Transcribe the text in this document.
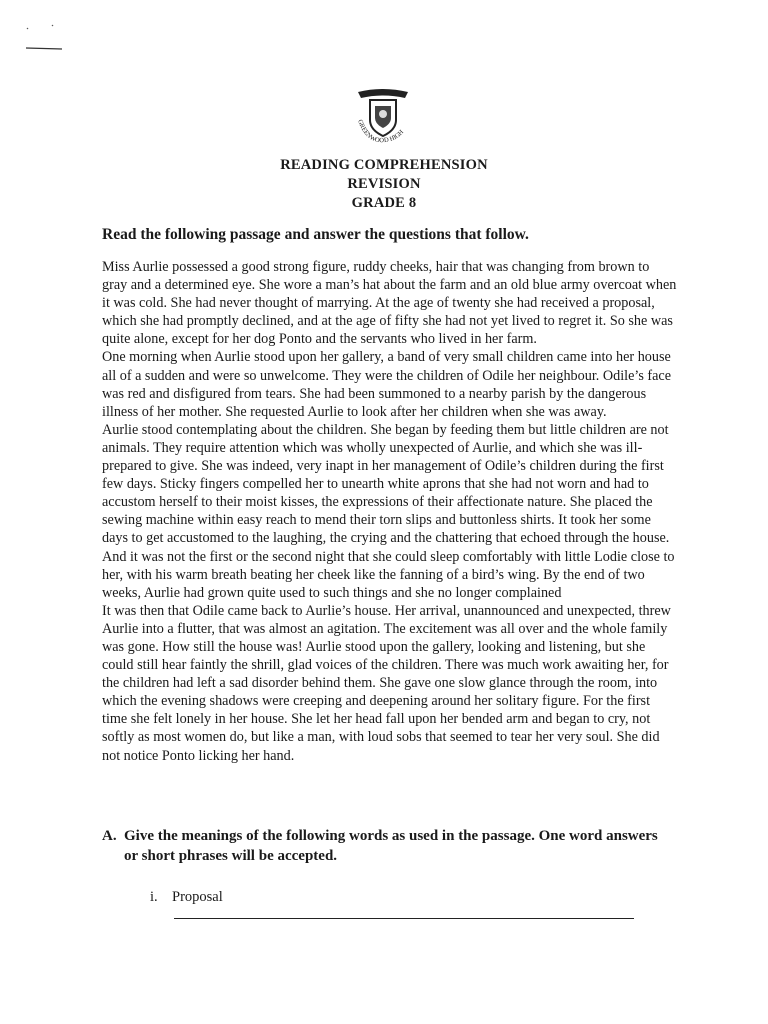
GREENWOOD HIGH
READING COMPREHENSION
REVISION
GRADE 8
Read the following passage and answer the questions that follow.

Miss Aurlie possessed a good strong figure, ruddy cheeks, hair that was changing from brown to gray and a determined eye. She wore a man’s hat about the farm and an old blue army overcoat when it was cold. She had never thought of marrying. At the age of twenty she had received a proposal, which she had promptly declined, and at the age of fifty she had not yet lived to regret it. So she was quite alone, except for her dog Ponto and the servants who lived in her farm.

One morning when Aurlie stood upon her gallery, a band of very small children came into her house all of a sudden and were so unwelcome. They were the children of Odile her neighbour. Odile’s face was red and disfigured from tears. She had been summoned to a nearby parish by the dangerous illness of her mother. She requested Aurlie to look after her children when she was away.

Aurlie stood contemplating about the children. She began by feeding them but little children are not animals. They require attention which was wholly unexpected of Aurlie, and which she was ill-prepared to give. She was indeed, very inapt in her management of Odile’s children during the first few days. Sticky fingers compelled her to unearth white aprons that she had not worn and had to accustom herself to their moist kisses, the expressions of their affectionate nature. She placed the sewing machine within easy reach to mend their torn slips and buttonless shirts. It took her some days to get accustomed to the laughing, the crying and the chattering that echoed through the house. And it was not the first or the second night that she could sleep comfortably with little Lodie close to her, with his warm breath beating her cheek like the fanning of a bird’s wing. By the end of two weeks, Aurlie had grown quite used to such things and she no longer complained

It was then that Odile came back to Aurlie’s house. Her arrival, unannounced and unexpected, threw Aurlie into a flutter, that was almost an agitation. The excitement was all over and the whole family was gone. How still the house was! Aurlie stood upon the gallery, looking and listening, but she could still hear faintly the shrill, glad voices of the children. There was much work awaiting her, for the children had left a sad disorder behind them. She gave one slow glance through the room, into which the evening shadows were creeping and deepening around her solitary figure. For the first time she felt lonely in her house. She let her head fall upon her bended arm and began to cry, not softly as most women do, but like a man, with loud sobs that seemed to tear her very soul. She did not notice Ponto licking her hand.

A. Give the meanings of the following words as used in the passage. One word answers
or short phrases will be accepted.
i. Proposal
